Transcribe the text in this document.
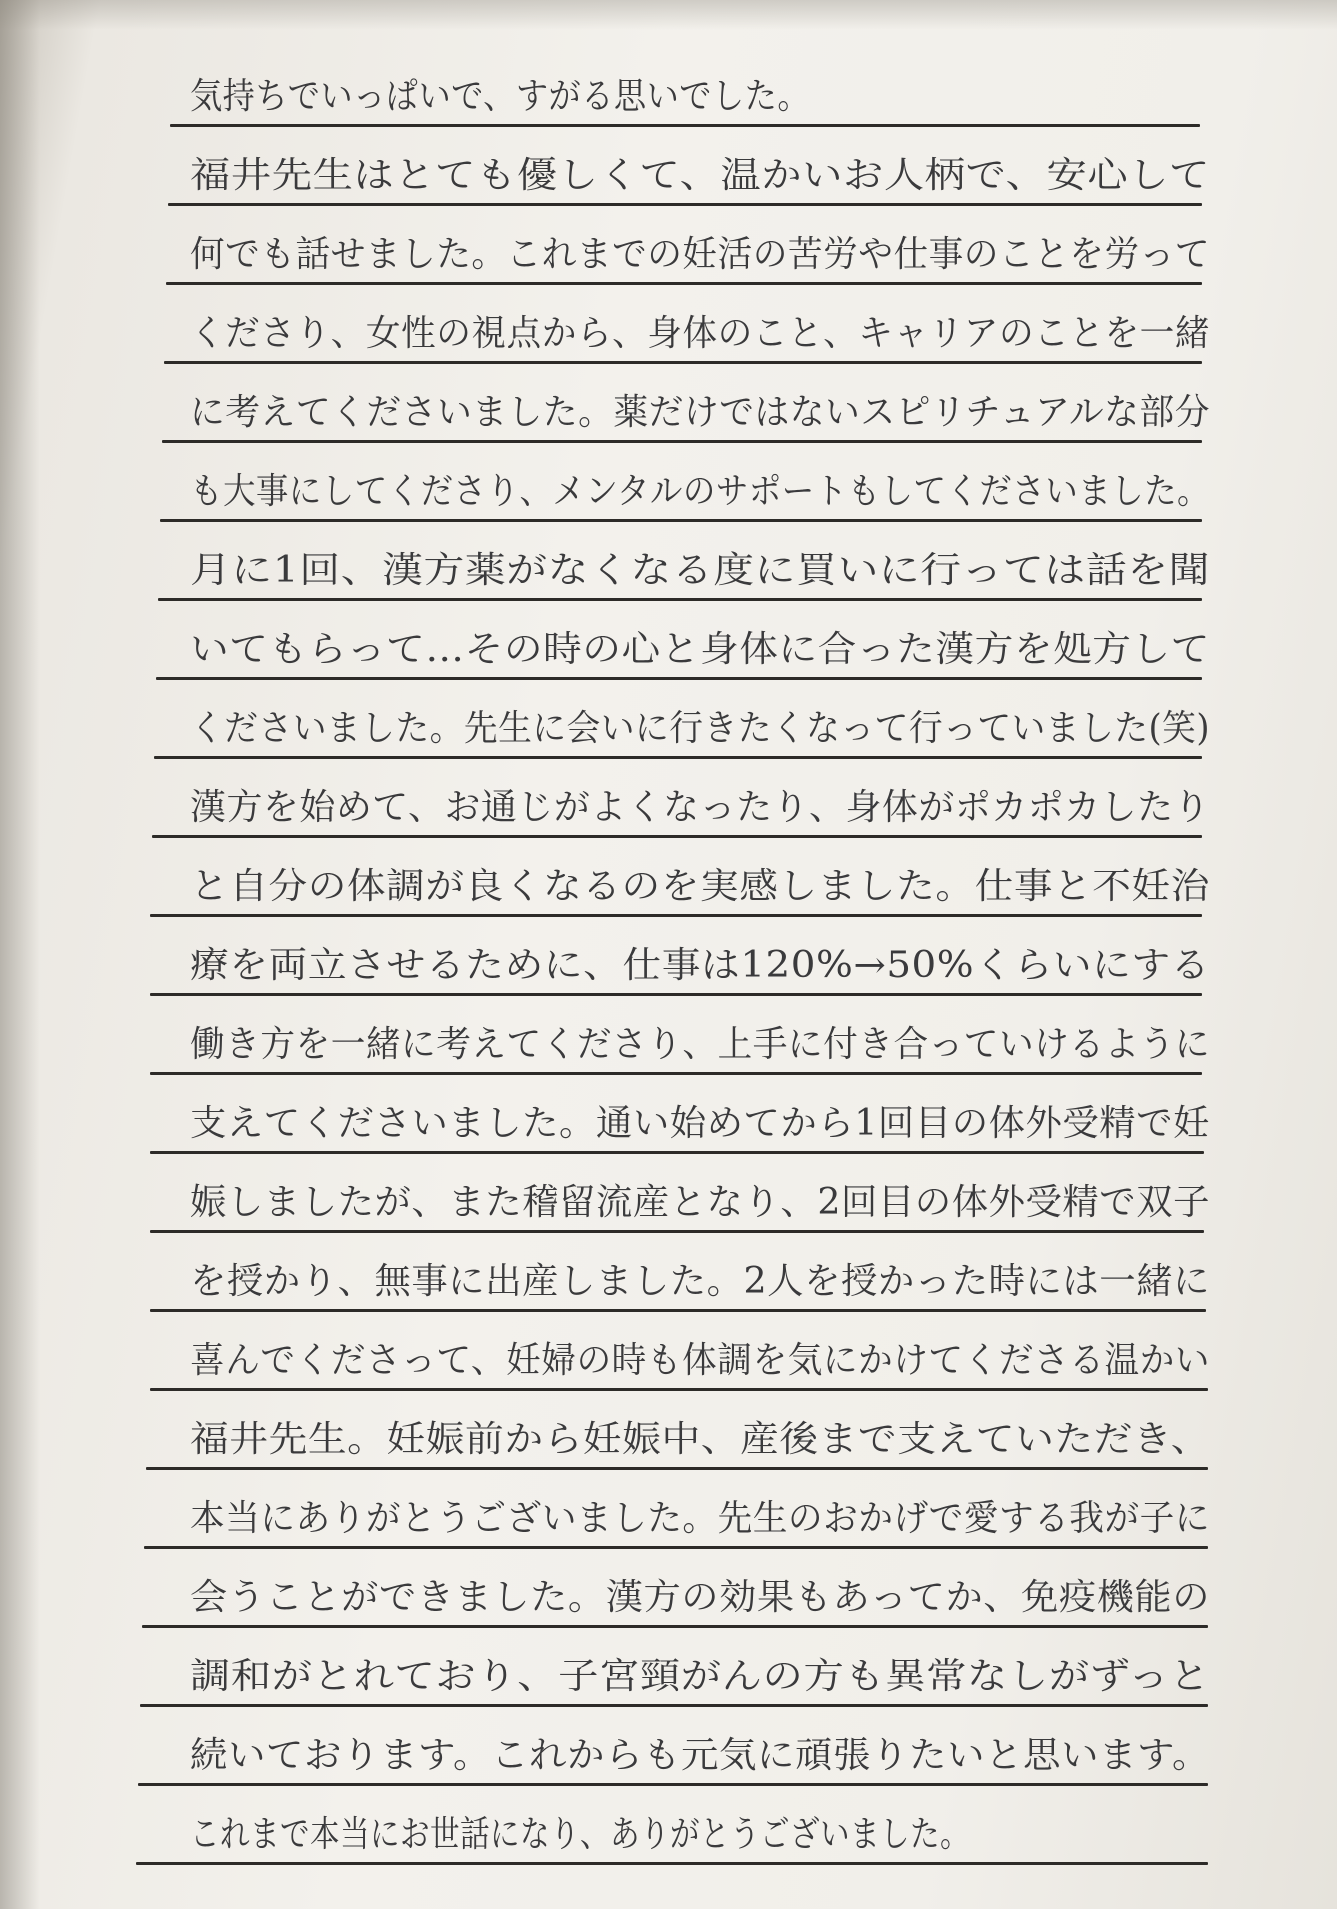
気持ちでいっぱいで、すがる思いでした。
福井先生はとても優しくて、温かいお人柄で、安心して
何でも話せました。これまでの妊活の苦労や仕事のことを労って
くださり、女性の視点から、身体のこと、キャリアのことを一緒
に考えてくださいました。薬だけではないスピリチュアルな部分
も大事にしてくださり、メンタルのサポートもしてくださいました。
月に1回、漢方薬がなくなる度に買いに行っては話を聞
いてもらって…その時の心と身体に合った漢方を処方して
くださいました。先生に会いに行きたくなって行っていました(笑)
漢方を始めて、お通じがよくなったり、身体がポカポカしたり
と自分の体調が良くなるのを実感しました。仕事と不妊治
療を両立させるために、仕事は120%→50%くらいにする
働き方を一緒に考えてくださり、上手に付き合っていけるように
支えてくださいました。通い始めてから1回目の体外受精で妊
娠しましたが、また稽留流産となり、2回目の体外受精で双子
を授かり、無事に出産しました。2人を授かった時には一緒に
喜んでくださって、妊婦の時も体調を気にかけてくださる温かい
福井先生。妊娠前から妊娠中、産後まで支えていただき、
本当にありがとうございました。先生のおかげで愛する我が子に
会うことができました。漢方の効果もあってか、免疫機能の
調和がとれており、子宮頸がんの方も異常なしがずっと
続いております。これからも元気に頑張りたいと思います。
これまで本当にお世話になり、ありがとうございました。
